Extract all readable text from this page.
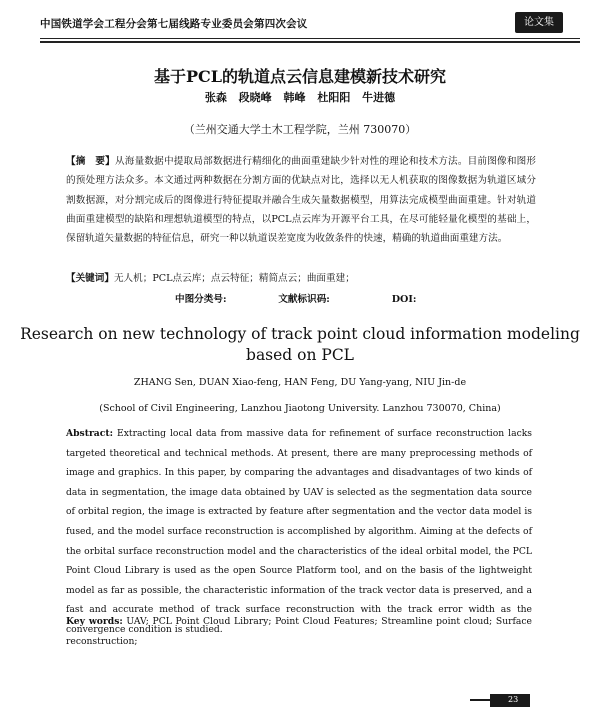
中国铁道学会工程分会第七届线路专业委员会第四次会议	论文集
基于PCL的轨道点云信息建模新技术研究
张森 段晓峰 韩峰 杜阳阳 牛进德
（兰州交通大学土木工程学院，兰州 730070）
【摘　要】从海量数据中提取局部数据进行精细化的曲面重建缺少针对性的理论和技术方法。目前图像和图形的预处理方法众多。本文通过两种数据在分割方面的优缺点对比，选择以无人机获取的图像数据为轨道区域分割数据源，对分割完成后的图像进行特征提取并融合生成矢量数据模型，用算法完成模型曲面重建。针对轨道曲面重建模型的缺陷和理想轨道模型的特点，以PCL点云库为开源平台工具，在尽可能轻量化模型的基础上，保留轨道矢量数据的特征信息，研究一种以轨道误差宽度为收敛条件的快速，精确的轨道曲面重建方法。
【关键词】无人机；PCL点云库；点云特征；精简点云；曲面重建；
中图分类号:	文献标识码:	DOI:
Research on new technology of track point cloud information modeling based on PCL
ZHANG Sen, DUAN Xiao-feng, HAN Feng, DU Yang-yang, NIU Jin-de
(School of Civil Engineering, Lanzhou Jiaotong University. Lanzhou 730070, China)
Abstract: Extracting local data from massive data for refinement of surface reconstruction lacks targeted theoretical and technical methods. At present, there are many preprocessing methods of image and graphics. In this paper, by comparing the advantages and disadvantages of two kinds of data in segmentation, the image data obtained by UAV is selected as the segmentation data source of orbital region, the image is extracted by feature after segmentation and the vector data model is fused, and the model surface reconstruction is accomplished by algorithm. Aiming at the defects of the orbital surface reconstruction model and the characteristics of the ideal orbital model, the PCL Point Cloud Library is used as the open Source Platform tool, and on the basis of the lightweight model as far as possible, the characteristic information of the track vector data is preserved, and a fast and accurate method of track surface reconstruction with the track error width as the convergence condition is studied.
Key words: UAV; PCL Point Cloud Library; Point Cloud Features; Streamline point cloud; Surface reconstruction;
23
